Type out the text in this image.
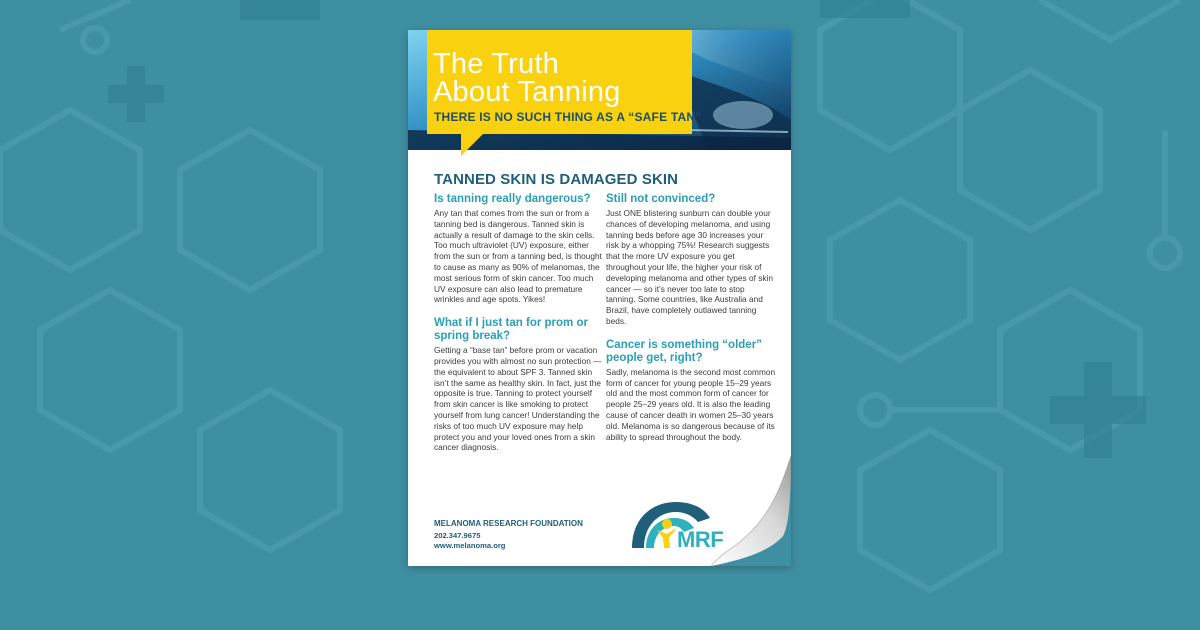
The Truth
About Tanning
THERE IS NO SUCH THING AS A “SAFE TAN”
TANNED SKIN IS DAMAGED SKIN
Is tanning really dangerous?

Any tan that comes from the sun or from a tanning bed is dangerous. Tanned skin is actually a result of damage to the skin cells. Too much ultraviolet (UV) exposure, either from the sun or from a tanning bed, is thought to cause as many as 90% of melanomas, the most serious form of skin cancer. Too much UV exposure can also lead to premature wrinkles and age spots. Yikes!

What if I just tan for prom or spring break?

Getting a “base tan” before prom or vacation provides you with almost no sun protection — the equivalent to about SPF 3. Tanned skin isn’t the same as healthy skin. In fact, just the opposite is true. Tanning to protect yourself from skin cancer is like smoking to protect yourself from lung cancer! Understanding the risks of too much UV exposure may help protect you and your loved ones from a skin cancer diagnosis.

Still not convinced?

Just ONE blistering sunburn can double your chances of developing melanoma, and using tanning beds before age 30 increases your risk by a whopping 75%! Research suggests that the more UV exposure you get throughout your life, the higher your risk of developing melanoma and other types of skin cancer — so it’s never too late to stop tanning. Some countries, like Australia and Brazil, have completely outlawed tanning beds.

Cancer is something “older” people get, right?

Sadly, melanoma is the second most common form of cancer for young people 15–29 years old and the most common form of cancer for people 25–29 years old. It is also the leading cause of cancer death in women 25–30 years old. Melanoma is so dangerous because of its ability to spread throughout the body.

MELANOMA RESEARCH FOUNDATION
202.347.9675
www.melanoma.org	MRF
